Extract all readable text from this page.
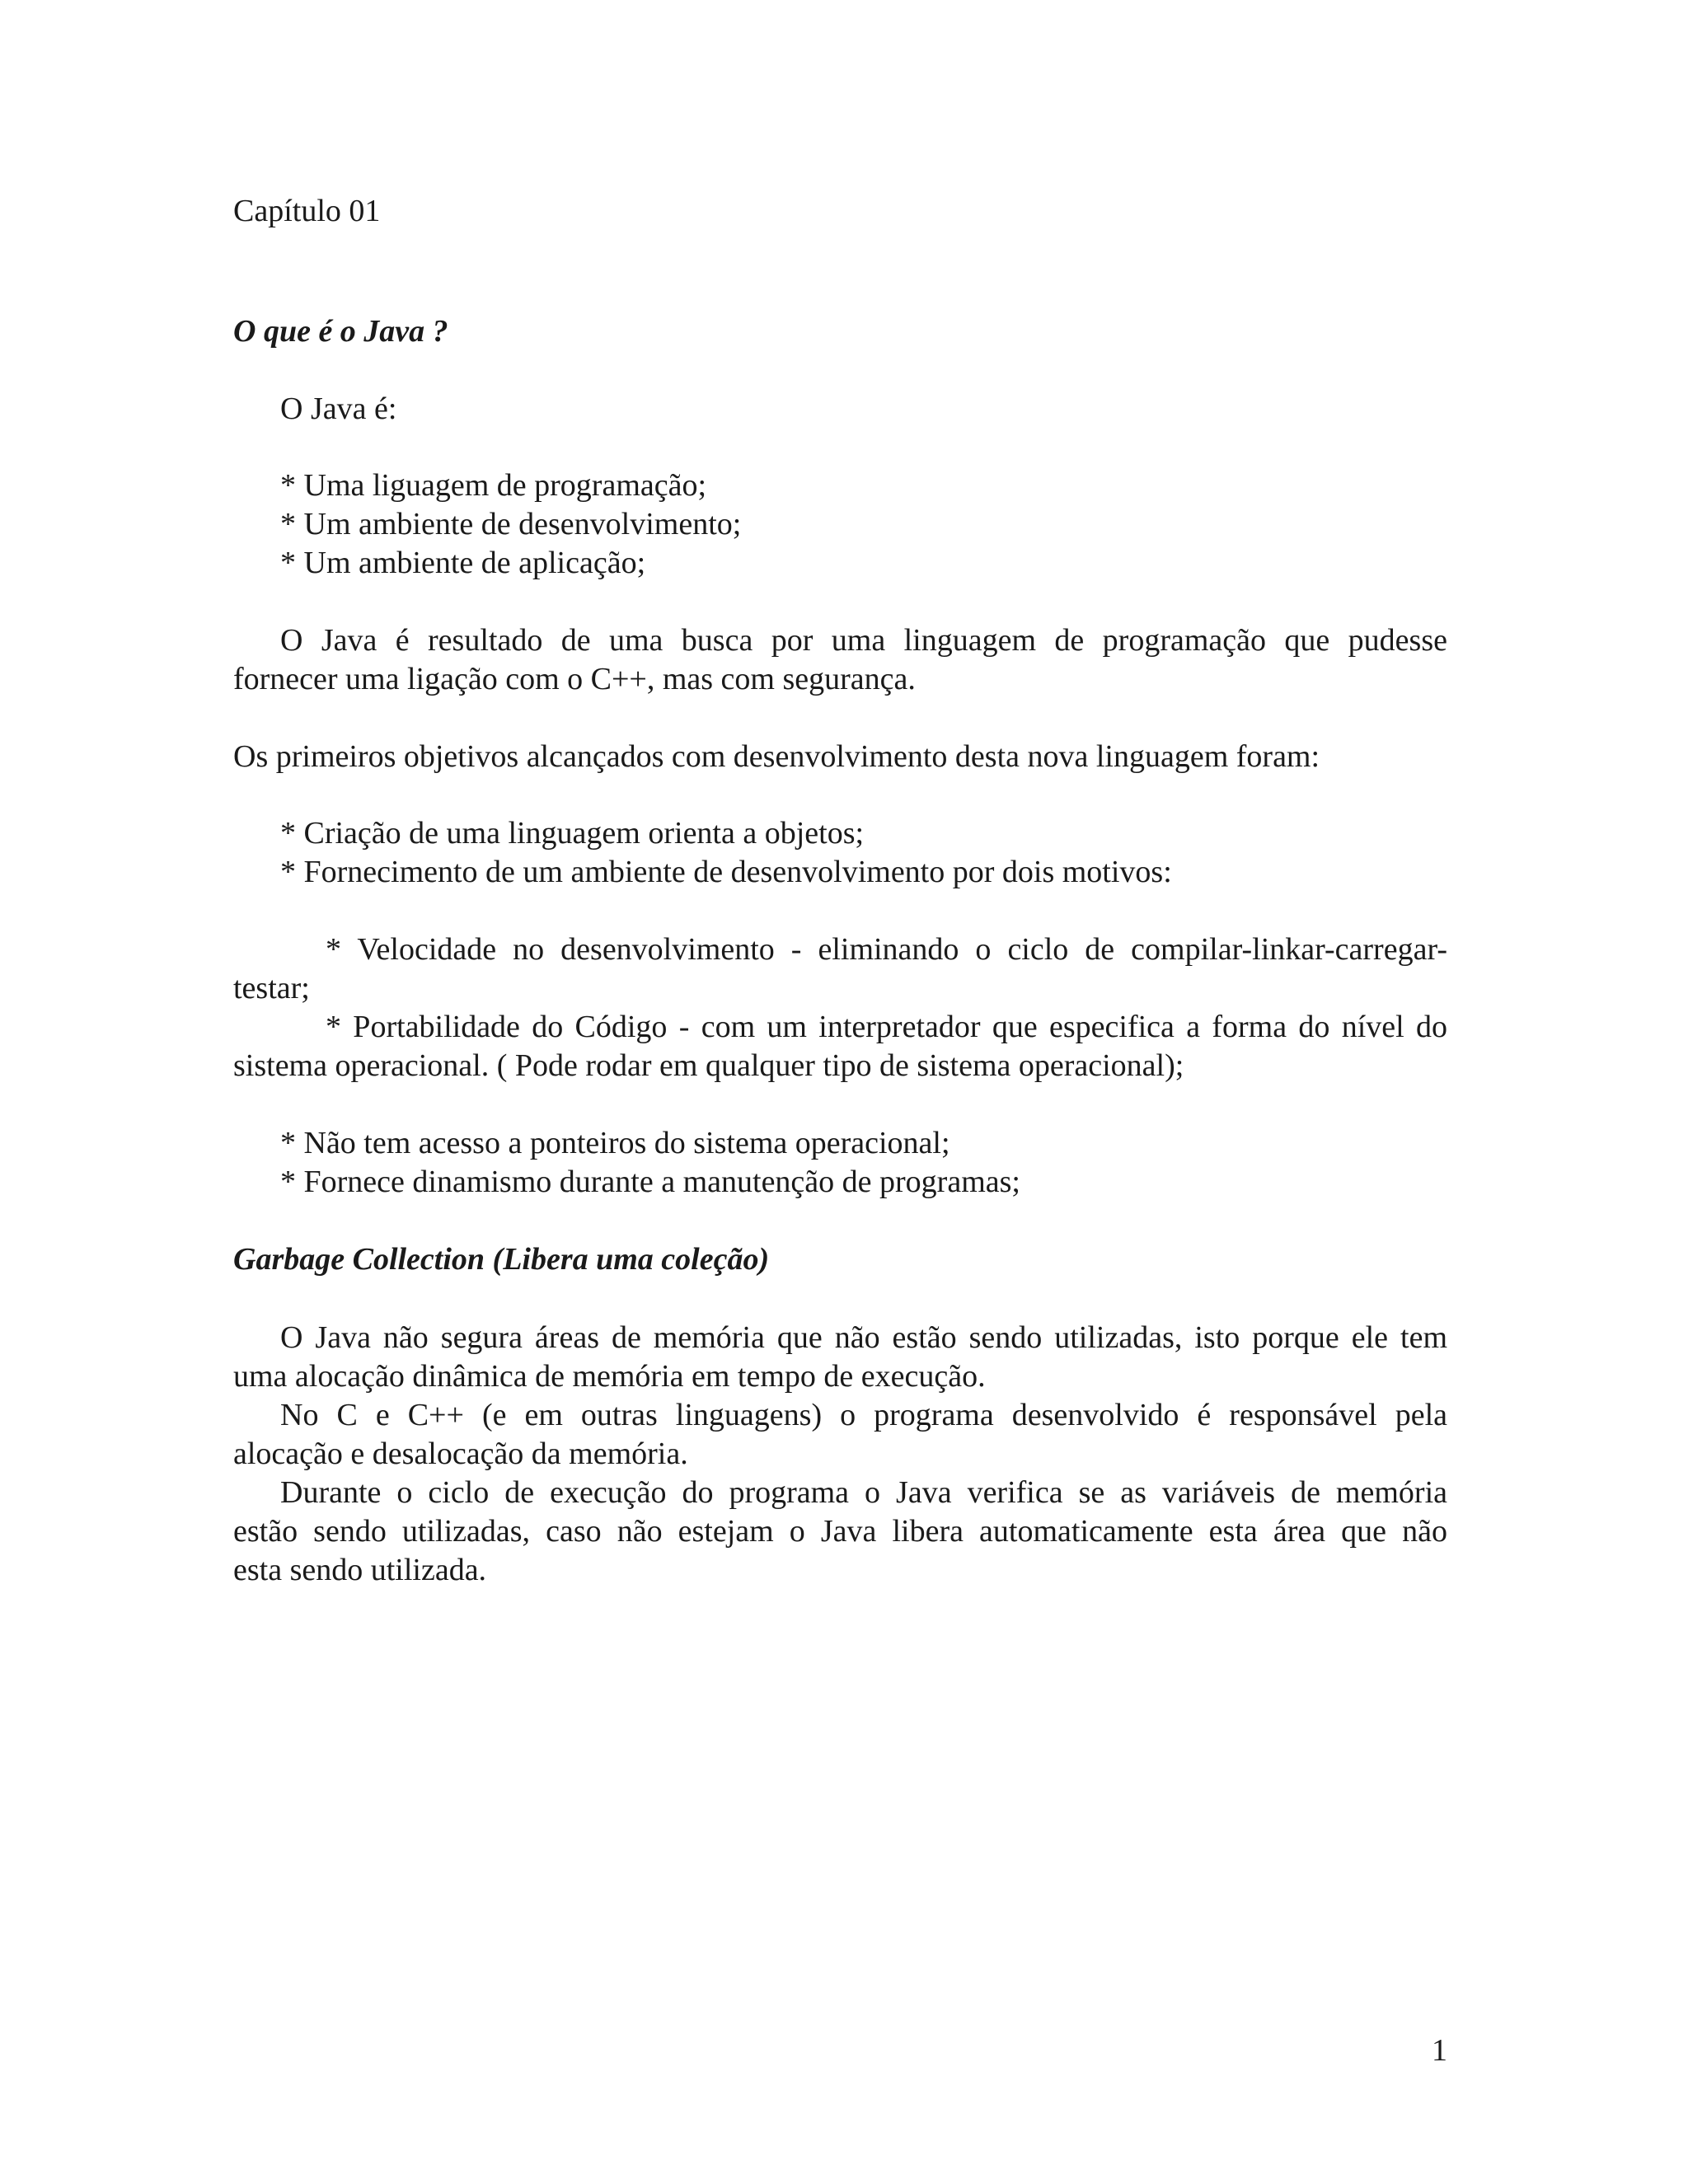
Capítulo 01
O que é o Java ?
O Java é:
* Uma liguagem de programação;
* Um ambiente de desenvolvimento;
* Um ambiente de aplicação;
O Java é resultado de uma busca por uma linguagem de programação que pudesse
fornecer uma ligação com o C++, mas com segurança.
Os primeiros objetivos alcançados com desenvolvimento desta nova linguagem foram:
* Criação de uma linguagem orienta a objetos;
* Fornecimento de um ambiente de desenvolvimento por dois motivos:
* Velocidade no desenvolvimento - eliminando o ciclo de compilar-linkar-carregar-
testar;
* Portabilidade do Código - com um interpretador que especifica a forma do nível do
sistema operacional. ( Pode rodar em qualquer tipo de sistema operacional);
* Não tem acesso a ponteiros do sistema operacional;
* Fornece dinamismo durante a manutenção de programas;
Garbage Collection (Libera uma coleção)
O Java não segura áreas de memória que não estão sendo utilizadas, isto porque ele tem
uma alocação dinâmica de memória em tempo de execução.
No C e C++ (e em outras linguagens) o programa desenvolvido é responsável pela
alocação e desalocação da memória.
Durante o ciclo de execução do programa o Java verifica se as variáveis de memória
estão sendo utilizadas, caso não estejam o Java libera automaticamente esta área que não
esta sendo utilizada.
1
